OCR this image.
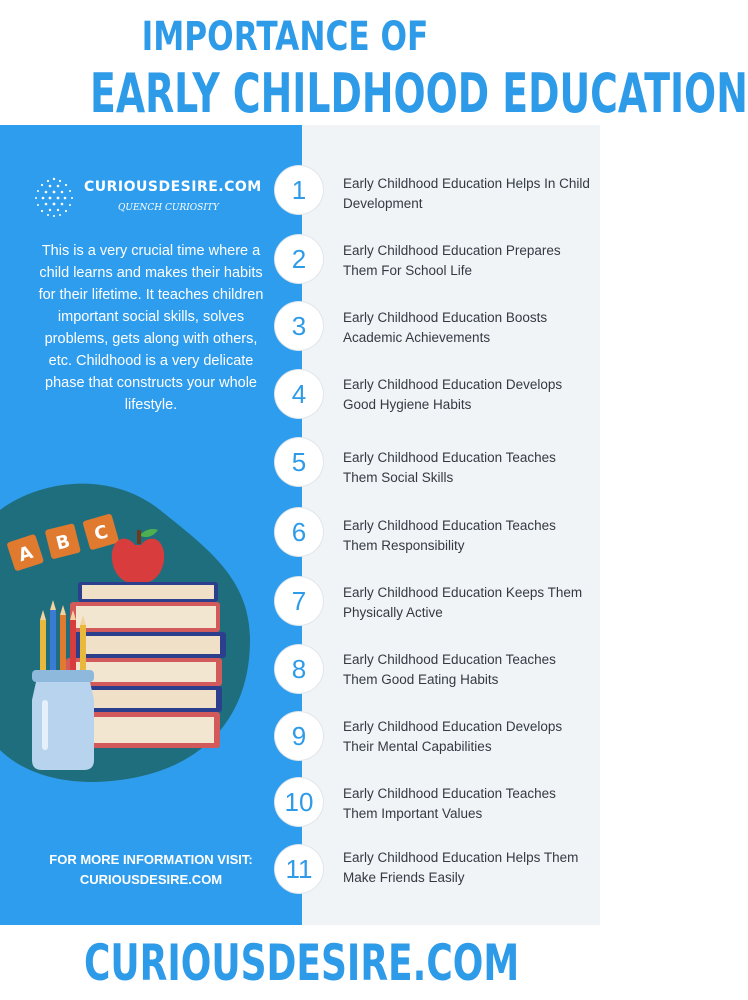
IMPORTANCE OF
EARLY CHILDHOOD EDUCATION
CURIOUSDESIRE.COM
QUENCH CURIOSITY
This is a very crucial time where a child learns and makes their habits for their lifetime. It teaches children important social skills, solves problems, gets along with others, etc. Childhood is a very delicate phase that constructs your whole lifestyle.
A B C
FOR MORE INFORMATION VISIT:
CURIOUSDESIRE.COM
1	Early Childhood Education Helps In Child Development
2	Early Childhood Education Prepares Them For School Life
3	Early Childhood Education Boosts Academic Achievements
4	Early Childhood Education Develops Good Hygiene Habits
5	Early Childhood Education Teaches Them Social Skills
6	Early Childhood Education Teaches Them Responsibility
7	Early Childhood Education Keeps Them Physically Active
8	Early Childhood Education Teaches Them Good Eating Habits
9	Early Childhood Education Develops Their Mental Capabilities
10	Early Childhood Education Teaches Them Important Values
11	Early Childhood Education Helps Them Make Friends Easily
CURIOUSDESIRE.COM
